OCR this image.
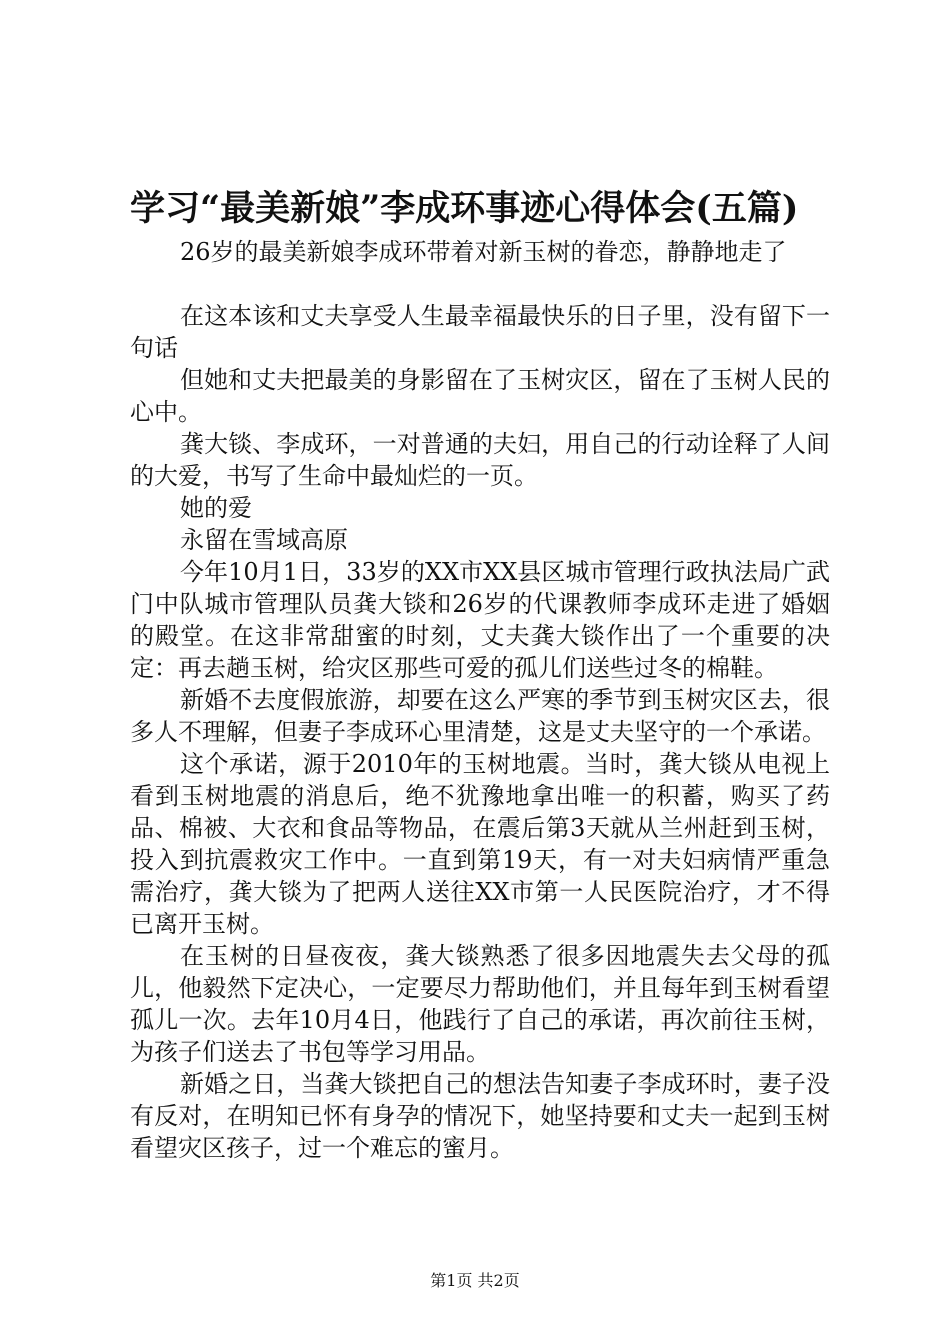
学习“最美新娘”李成环事迹心得体会(五篇)

26岁的最美新娘李成环带着对新玉树的眷恋，静静地走了

在这本该和丈夫享受人生最幸福最快乐的日子里，没有留下一句话

但她和丈夫把最美的身影留在了玉树灾区，留在了玉树人民的心中。

龚大锬、李成环，一对普通的夫妇，用自己的行动诠释了人间的大爱，书写了生命中最灿烂的一页。

她的爱

永留在雪域高原

今年10月1日，33岁的XX市XX县区城市管理行政执法局广武门中队城市管理队员龚大锬和26岁的代课教师李成环走进了婚姻的殿堂。在这非常甜蜜的时刻，丈夫龚大锬作出了一个重要的决定：再去趟玉树，给灾区那些可爱的孤儿们送些过冬的棉鞋。

新婚不去度假旅游，却要在这么严寒的季节到玉树灾区去，很多人不理解，但妻子李成环心里清楚，这是丈夫坚守的一个承诺。

这个承诺，源于2010年的玉树地震。当时，龚大锬从电视上看到玉树地震的消息后，绝不犹豫地拿出唯一的积蓄，购买了药品、棉被、大衣和食品等物品，在震后第3天就从兰州赶到玉树，投入到抗震救灾工作中。一直到第19天，有一对夫妇病情严重急需治疗，龚大锬为了把两人送往XX市第一人民医院治疗，才不得已离开玉树。

在玉树的日昼夜夜，龚大锬熟悉了很多因地震失去父母的孤儿，他毅然下定决心，一定要尽力帮助他们，并且每年到玉树看望孤儿一次。去年10月4日，他践行了自己的承诺，再次前往玉树，为孩子们送去了书包等学习用品。

新婚之日，当龚大锬把自己的想法告知妻子李成环时，妻子没有反对，在明知已怀有身孕的情况下，她坚持要和丈夫一起到玉树看望灾区孩子，过一个难忘的蜜月。

第1页 共2页
